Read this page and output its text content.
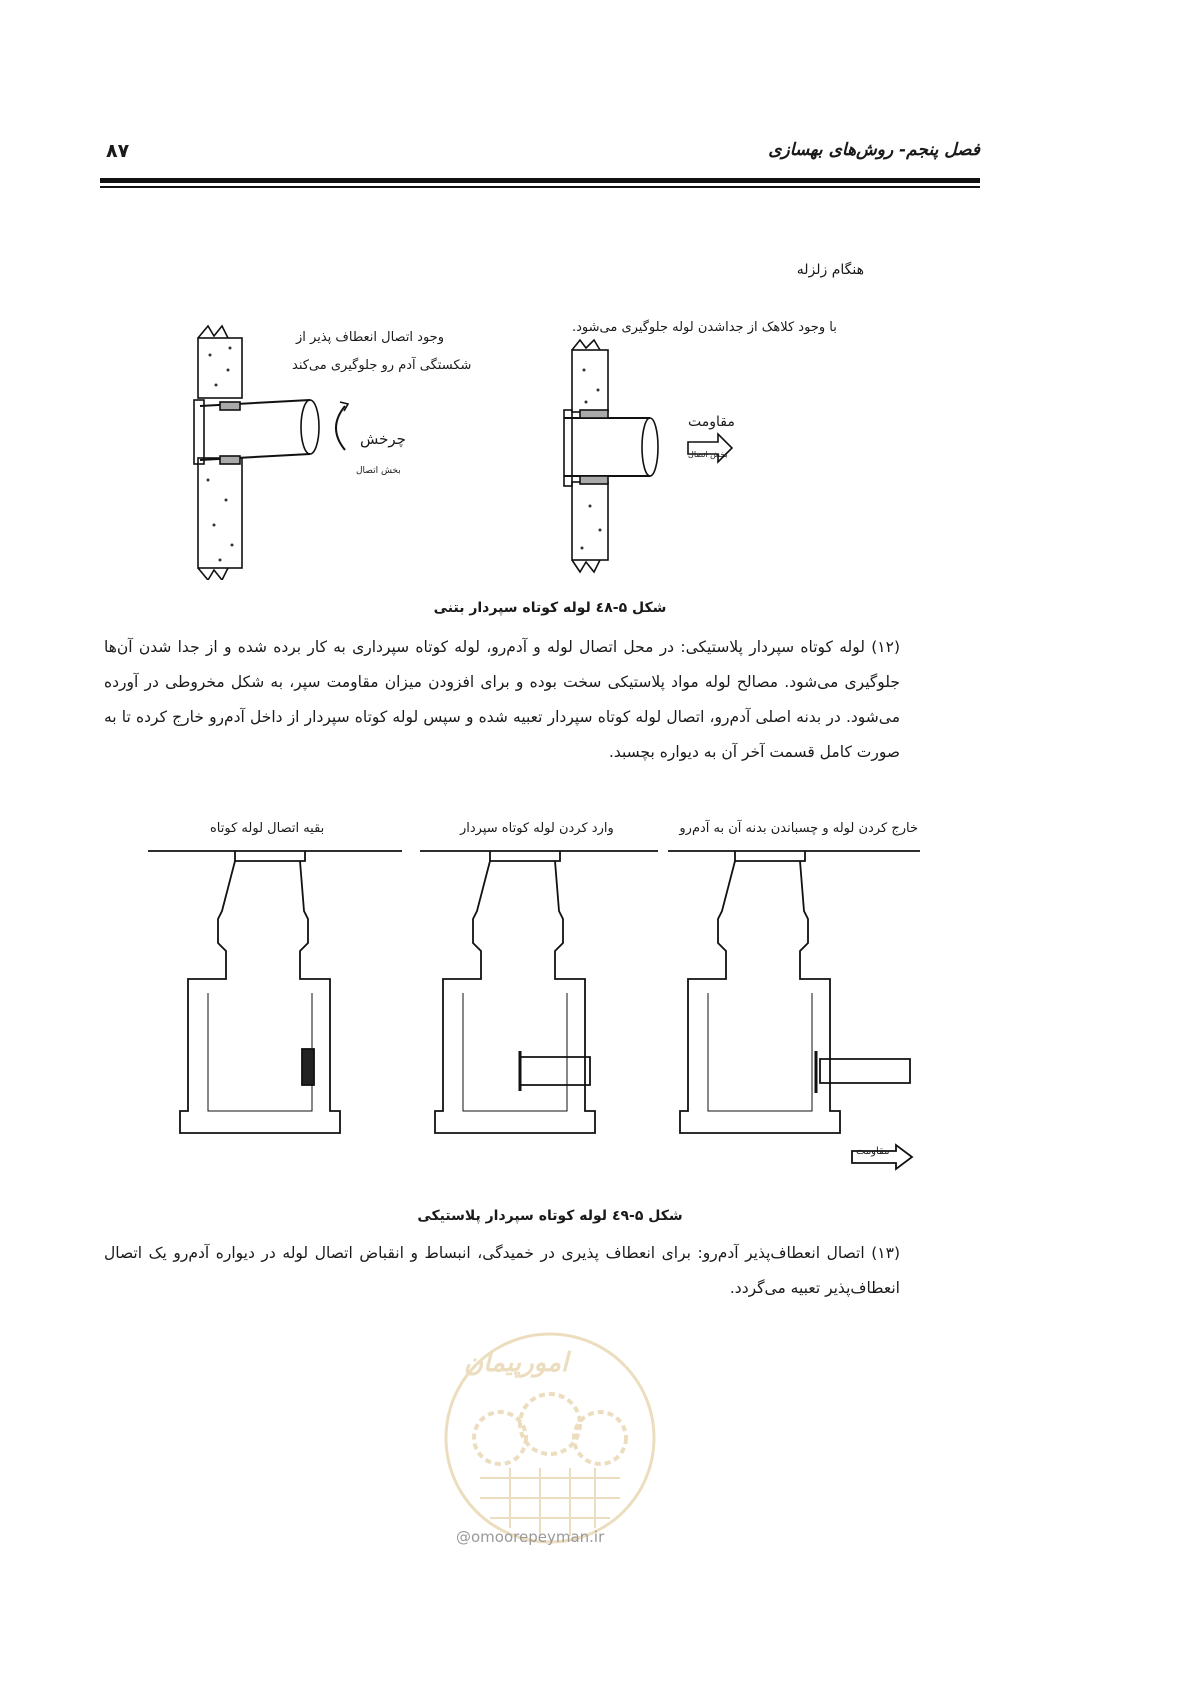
فصل پنجم- روش‌های بهسازی
۸۷
هنگام زلزله
وجود اتصال انعطاف پذیر از
شکستگی آدم رو جلوگیری می‌کند
چرخش
بخش اتصال
با وجود کلاهک از جداشدن لوله جلوگیری می‌شود.
مقاومت
بخش اتصال
شکل ۵-٤۸ لوله کوتاه سپردار بتنی
(۱۲) لوله کوتاه سپردار پلاستیکی: در محل اتصال لوله و آدم‌رو، لوله کوتاه سپرداری به کار برده شده و از جدا شدن آن‌ها جلوگیری می‌شود. مصالح لوله مواد پلاستیکی سخت بوده و برای افزودن میزان مقاومت سپر، به شکل مخروطی در آورده می‌شود. در بدنه اصلی آدم‌رو، اتصال لوله کوتاه سپردار تعبیه شده و سپس لوله کوتاه سپردار از داخل آدم‌رو خارج کرده تا به صورت کامل قسمت آخر آن به دیواره بچسبد.
خارج کردن لوله و چسباندن بدنه آن به آدم‌رو
وارد کردن لوله کوتاه سپردار
بقیه اتصال لوله کوتاه
مقاومت
شکل ۵-٤۹ لوله کوتاه سپردار پلاستیکی
(۱۳) اتصال انعطاف‌پذیر آدم‌رو: برای انعطاف پذیری در خمیدگی، انبساط و انقباض اتصال لوله در دیواره آدم‌رو یک اتصال انعطاف‌پذیر تعبیه می‌گردد.
امورپیمان
@omoorepeyman.ir
